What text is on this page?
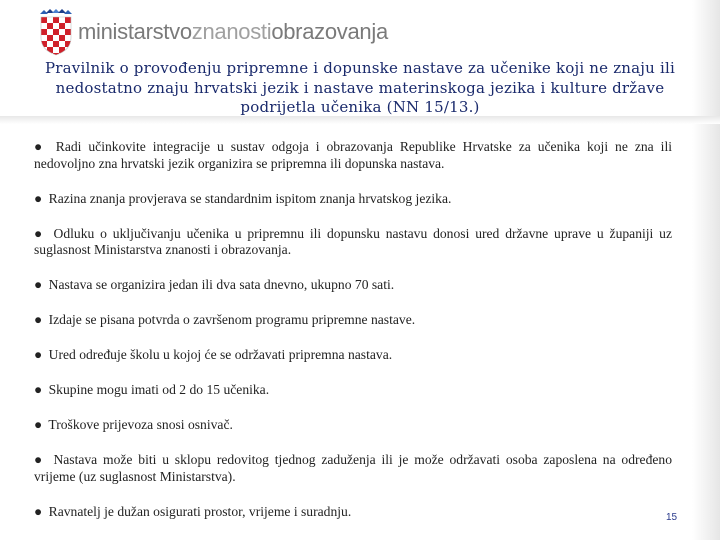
ministarstvoznanostiobrazovanja
Pravilnik o provođenju pripremne i dopunske nastave za učenike koji ne znaju ili nedostatno znaju hrvatski jezik i nastave materinskoga jezika i kulture države podrijetla učenika (NN 15/13.)
● Radi učinkovite integracije u sustav odgoja i obrazovanja Republike Hrvatske za učenika koji ne zna ili nedovoljno zna hrvatski jezik organizira se pripremna ili dopunska nastava.
● Razina znanja provjerava se standardnim ispitom znanja hrvatskog jezika.
● Odluku o uključivanju učenika u pripremnu ili dopunsku nastavu donosi ured državne uprave u županiji uz suglasnost Ministarstva znanosti i obrazovanja.
● Nastava se organizira jedan ili dva sata dnevno, ukupno 70 sati.
● Izdaje se pisana potvrda o završenom programu pripremne nastave.
● Ured određuje školu u kojoj će se održavati pripremna nastava.
● Skupine mogu imati od 2 do 15 učenika.
● Troškove prijevoza snosi osnivač.
● Nastava može biti u sklopu redovitog tjednog zaduženja ili je može održavati osoba zaposlena na određeno vrijeme (uz suglasnost Ministarstva).
● Ravnatelj je dužan osigurati prostor, vrijeme i suradnju.	15
